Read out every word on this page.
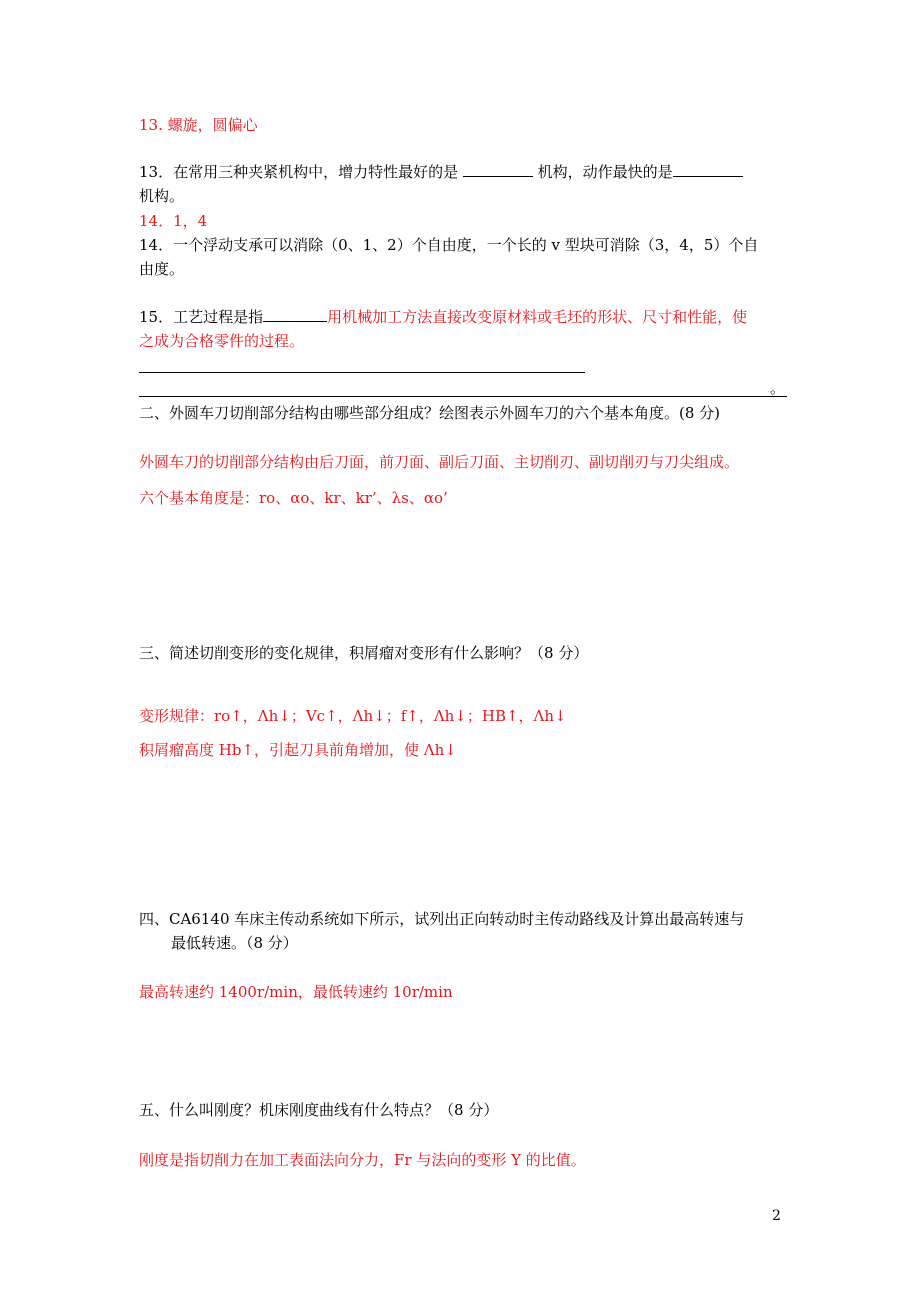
13. 螺旋，圆偏心
13．在常用三种夹紧机构中，增力特性最好的是	机构，动作最快的是
机构。
14．1，4
14．一个浮动支承可以消除（0、1、2）个自由度，一个长的 v 型块可消除（3，4，5）个自
由度。
15．工艺过程是指	用机械加工方法直接改变原材料或毛坯的形状、尺寸和性能，使
之成为合格零件的过程。
。
二、外圆车刀切削部分结构由哪些部分组成？绘图表示外圆车刀的六个基本角度。(8 分)
外圆车刀的切削部分结构由后刀面，前刀面、副后刀面、主切削刃、副切削刃与刀尖组成。
六个基本角度是：ro、αo、kr、kr’、λs、αo’
三、简述切削变形的变化规律，积屑瘤对变形有什么影响？（8 分）
变形规律：ro↑，Λh↓；Vc↑，Λh↓；f↑，Λh↓；HB↑，Λh↓
积屑瘤高度 Hb↑，引起刀具前角增加，使 Λh↓
四、CA6140 车床主传动系统如下所示，试列出正向转动时主传动路线及计算出最高转速与
最低转速。（8 分）
最高转速约 1400r/min，最低转速约 10r/min
五、什么叫刚度？机床刚度曲线有什么特点？（8 分）
刚度是指切削力在加工表面法向分力，Fr 与法向的变形 Y 的比值。
2
